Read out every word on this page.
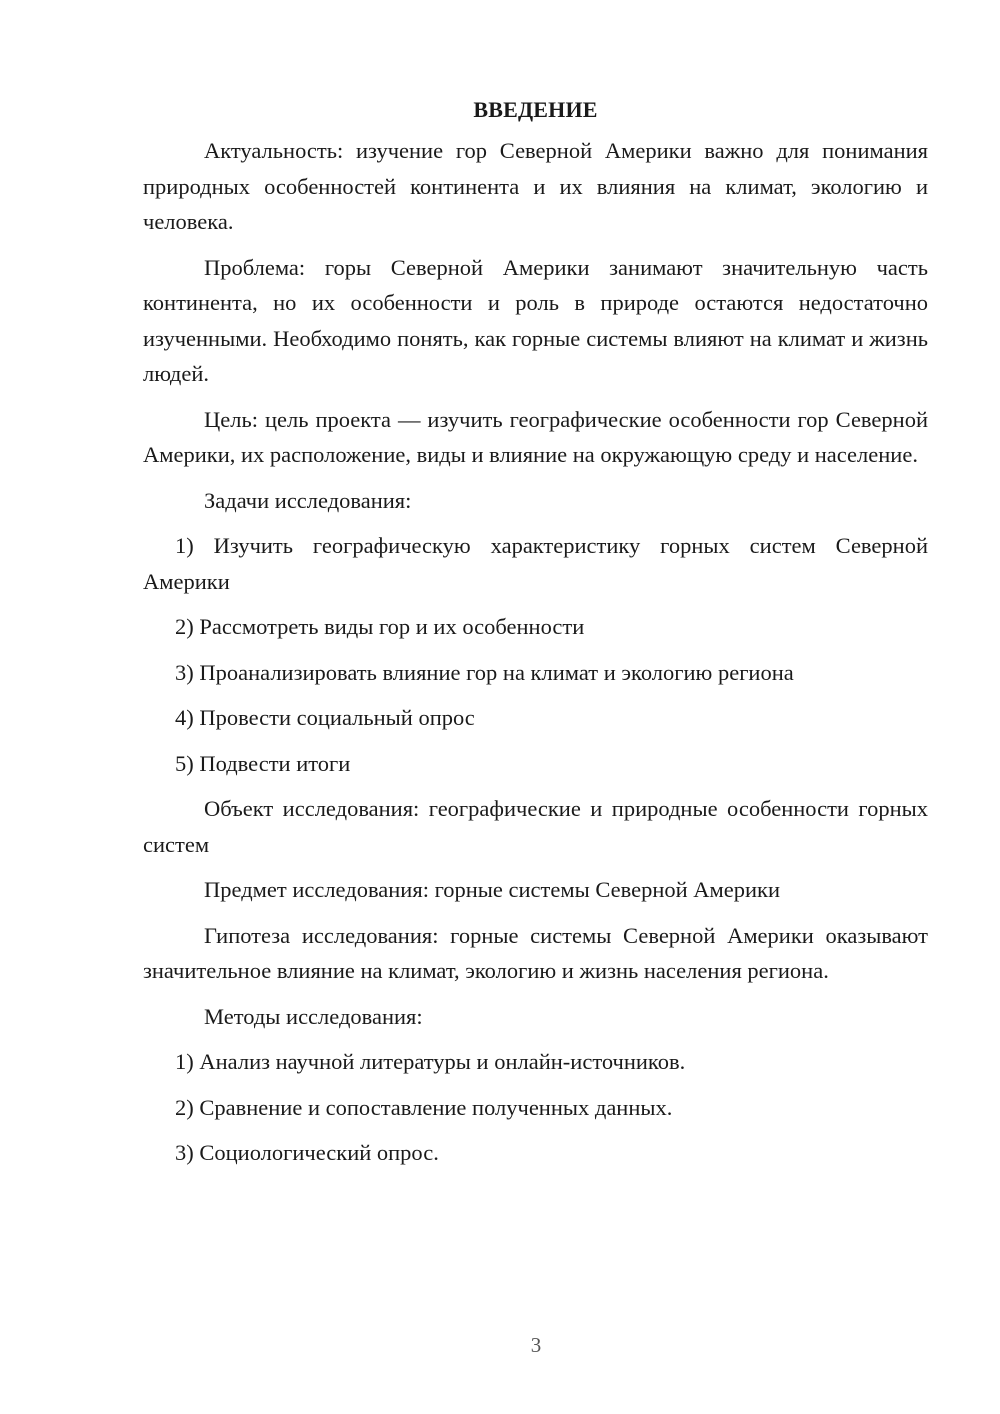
ВВЕДЕНИЕ

Актуальность: изучение гор Северной Америки важно для понимания природных особенностей континента и их влияния на климат, экологию и человека.

Проблема: горы Северной Америки занимают значительную часть континента, но их особенности и роль в природе остаются недостаточно изученными. Необходимо понять, как горные системы влияют на климат и жизнь людей.

Цель: цель проекта — изучить географические особенности гор Северной Америки, их расположение, виды и влияние на окружающую среду и население.

Задачи исследования:

1) Изучить географическую характеристику горных систем Северной Америки

2) Рассмотреть виды гор и их особенности

3) Проанализировать влияние гор на климат и экологию региона

4) Провести социальный опрос

5) Подвести итоги

Объект исследования: географические и природные особенности горных систем

Предмет исследования: горные системы Северной Америки

Гипотеза исследования: горные системы Северной Америки оказывают значительное влияние на климат, экологию и жизнь населения региона.

Методы исследования:

1) Анализ научной литературы и онлайн-источников.

2) Сравнение и сопоставление полученных данных.

3) Социологический опрос.

3
